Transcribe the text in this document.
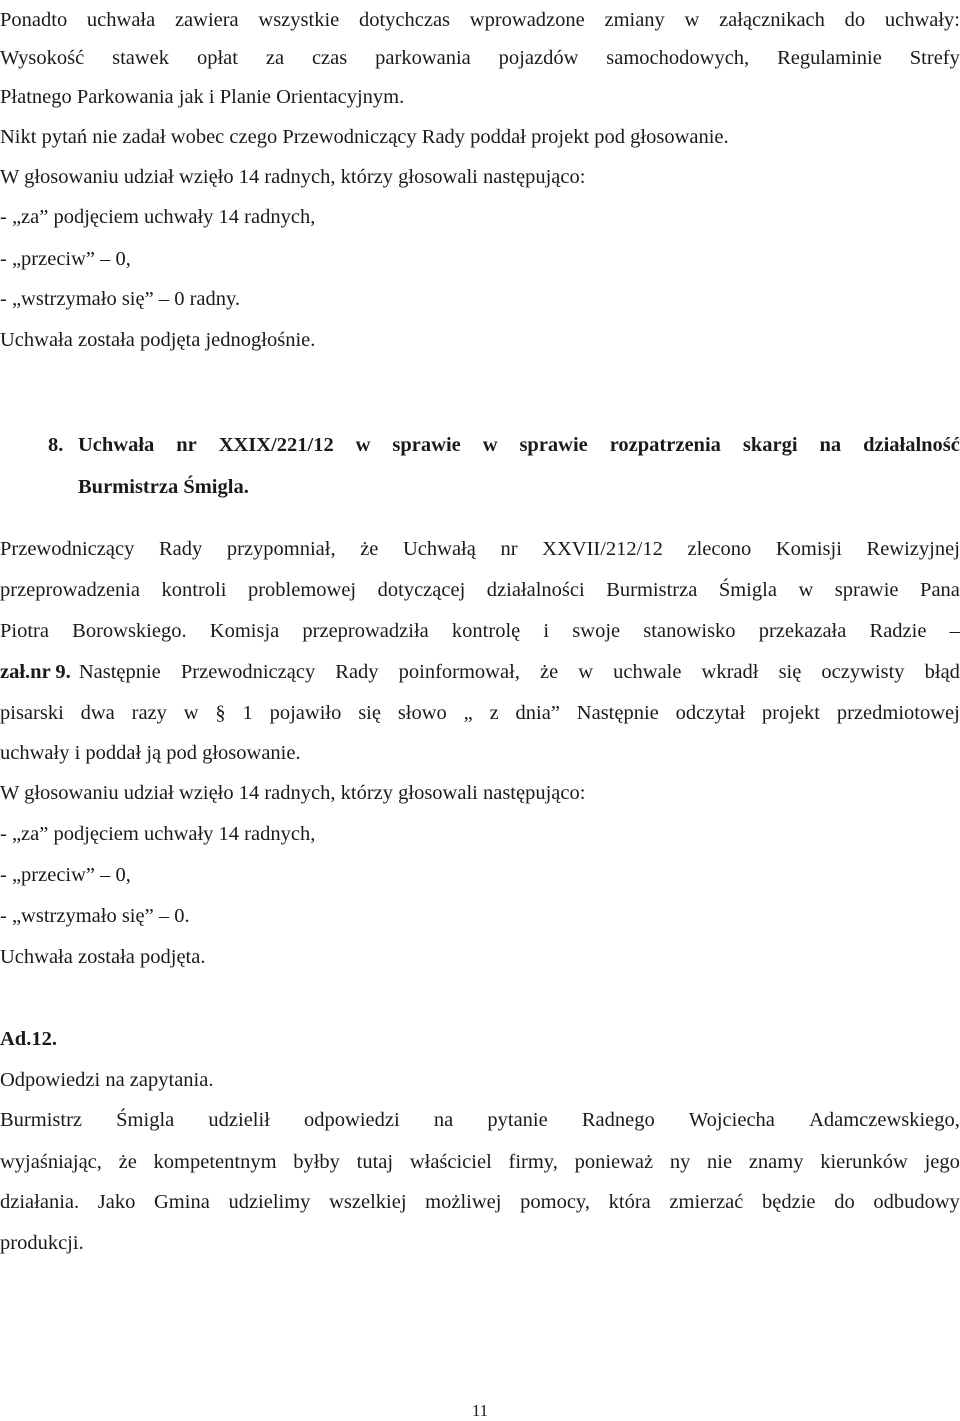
Ponadto uchwała zawiera wszystkie dotychczas wprowadzone zmiany w załącznikach do uchwały:
Wysokość stawek opłat za czas parkowania pojazdów samochodowych, Regulaminie Strefy
Płatnego Parkowania jak i Planie Orientacyjnym.
Nikt pytań nie zadał wobec czego Przewodniczący Rady poddał projekt pod głosowanie.
W głosowaniu udział wzięło 14 radnych, którzy głosowali następująco:
- „za” podjęciem uchwały 14 radnych,
- „przeciw” – 0,
- „wstrzymało się” – 0 radny.
Uchwała została podjęta jednogłośnie.
8. Uchwała nr XXIX/221/12 w sprawie w sprawie rozpatrzenia skargi na działalność
Burmistrza Śmigla.
Przewodniczący Rady przypomniał, że Uchwałą nr XXVII/212/12 zlecono Komisji Rewizyjnej
przeprowadzenia kontroli problemowej dotyczącej działalności Burmistrza Śmigla w sprawie Pana
Piotra Borowskiego. Komisja przeprowadziła kontrolę i swoje stanowisko przekazała Radzie –
zał.nr 9. Następnie Przewodniczący Rady poinformował, że w uchwale wkradł się oczywisty błąd
pisarski dwa razy w § 1 pojawiło się słowo „ z dnia” Następnie odczytał projekt przedmiotowej
uchwały i poddał ją pod głosowanie.
W głosowaniu udział wzięło 14 radnych, którzy głosowali następująco:
- „za” podjęciem uchwały 14 radnych,
- „przeciw” – 0,
- „wstrzymało się” – 0.
Uchwała została podjęta.
Ad.12.
Odpowiedzi na zapytania.
Burmistrz Śmigla udzielił odpowiedzi na pytanie Radnego Wojciecha Adamczewskiego,
wyjaśniając, że kompetentnym byłby tutaj właściciel firmy, ponieważ ny nie znamy kierunków jego
działania. Jako Gmina udzielimy wszelkiej możliwej pomocy, która zmierzać będzie do odbudowy
produkcji.
11
